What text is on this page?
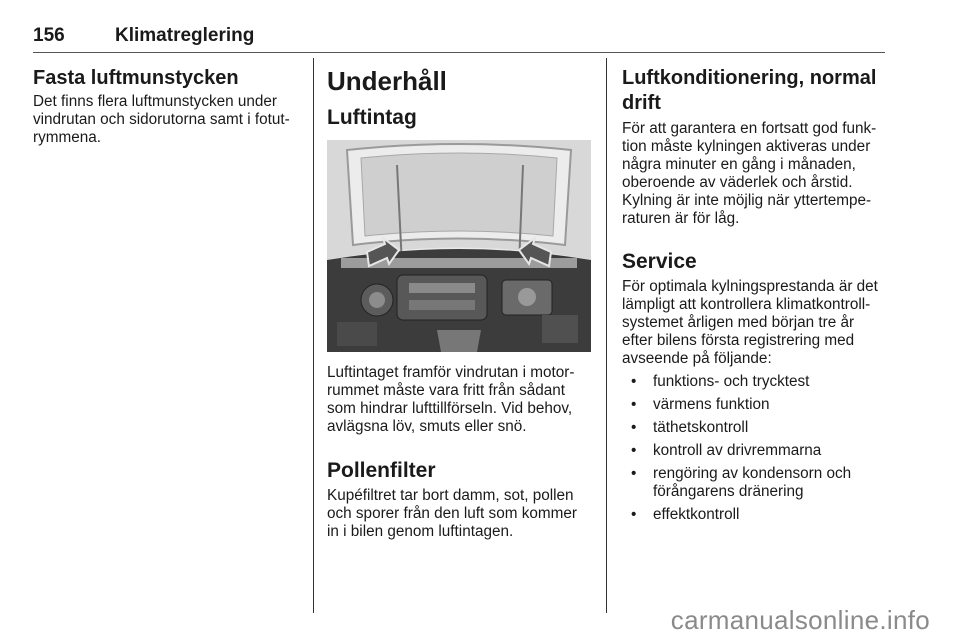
156	Klimatreglering
Fasta luftmunstycken

Det finns flera luftmunstycken under
vindrutan och sidorutorna samt i fotut-
rymmena.

Underhåll
Luftintag

Luftintaget framför vindrutan i motor-
rummet måste vara fritt från sådant
som hindrar lufttillförseln. Vid behov,
avlägsna löv, smuts eller snö.

Pollenfilter

Kupéfiltret tar bort damm, sot, pollen
och sporer från den luft som kommer
in i bilen genom luftintagen.

Luftkonditionering, normal
drift

För att garantera en fortsatt god funk-
tion måste kylningen aktiveras under
några minuter en gång i månaden,
oberoende av väderlek och årstid.
Kylning är inte möjlig när yttertempe-
raturen är för låg.

Service

För optimala kylningsprestanda är det
lämpligt att kontrollera klimatkontroll-
systemet årligen med början tre år
efter bilens första registrering med
avseende på följande:

• funktions- och trycktest
• värmens funktion
• täthetskontroll
• kontroll av drivremmarna
• rengöring av kondensorn och
förångarens dränering
• effektkontroll
carmanualsonline.info
